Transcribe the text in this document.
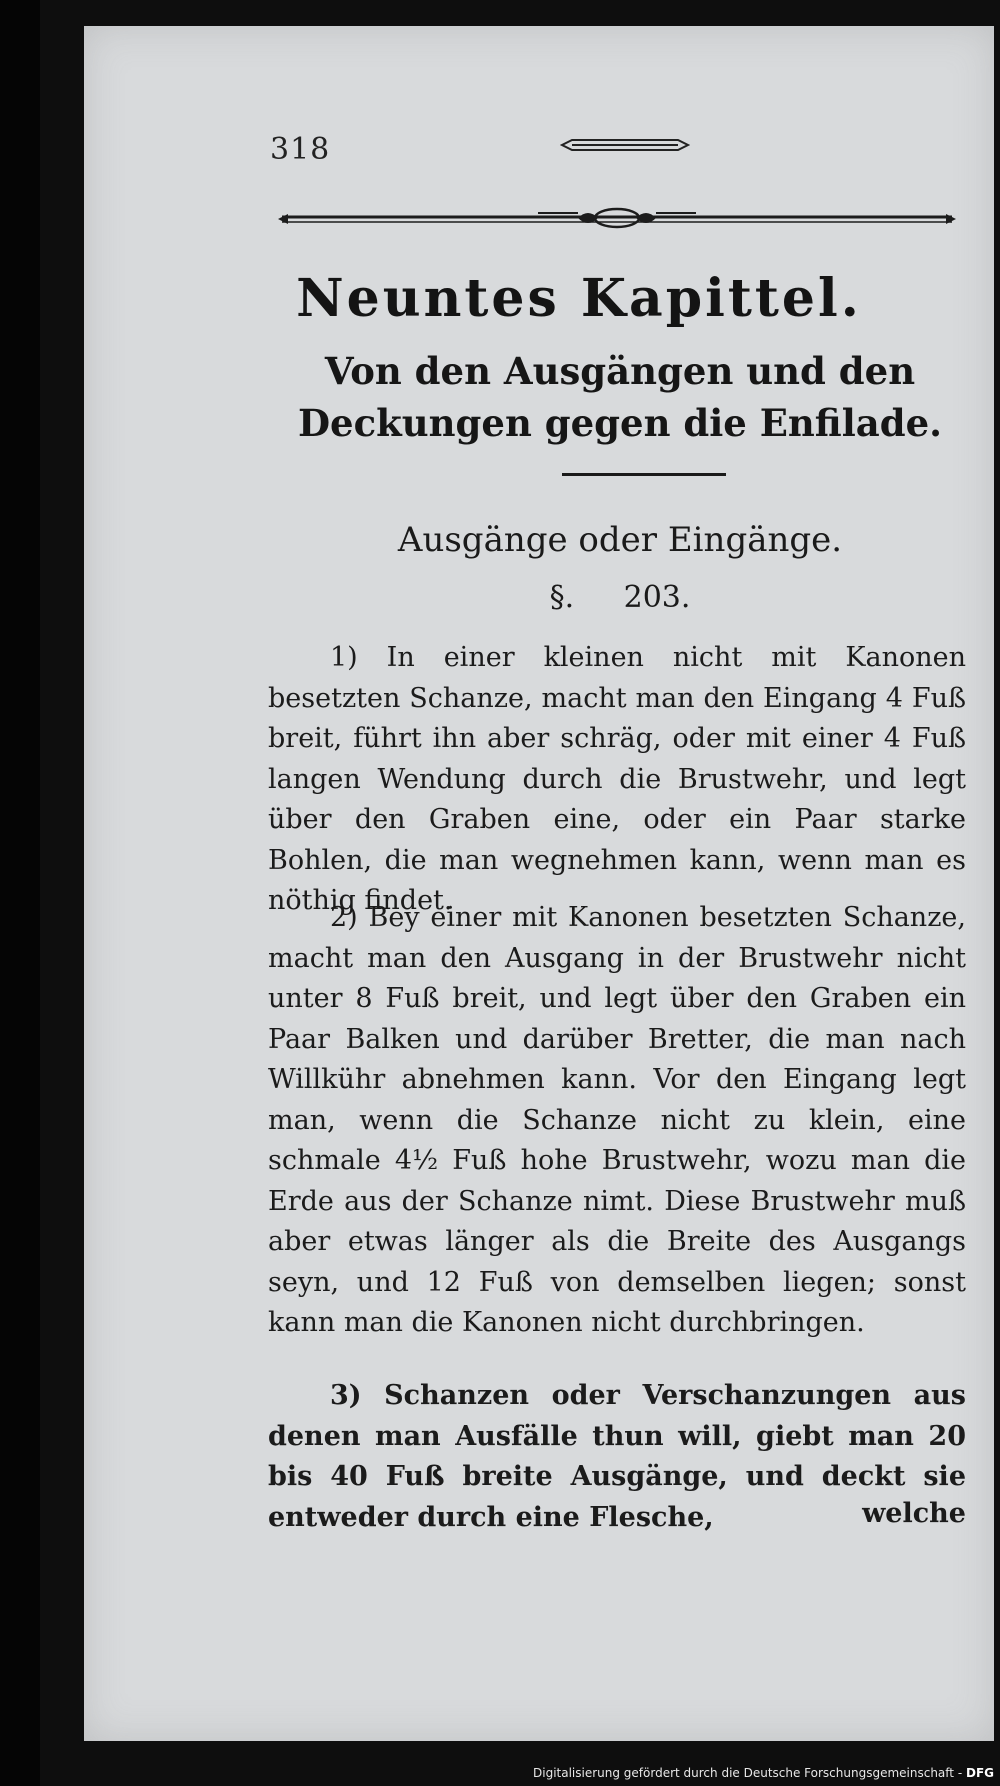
318
Neuntes Kapittel.
Von den Ausgängen und den Deckungen gegen die Enfilade.
Ausgänge oder Eingänge.
§. 203.
1) In einer kleinen nicht mit Kanonen besetzten Schanze, macht man den Eingang 4 Fuß breit, führt ihn aber schräg, oder mit einer 4 Fuß langen Wendung durch die Brustwehr, und legt über den Graben eine, oder ein Paar starke Bohlen, die man wegnehmen kann, wenn man es nöthig findet.
2) Bey einer mit Kanonen besetzten Schanze, macht man den Ausgang in der Brustwehr nicht unter 8 Fuß breit, und legt über den Graben ein Paar Balken und darüber Bretter, die man nach Willkühr abnehmen kann. Vor den Eingang legt man, wenn die Schanze nicht zu klein, eine schmale 4½ Fuß hohe Brustwehr, wozu man die Erde aus der Schanze nimt. Diese Brustwehr muß aber etwas länger als die Breite des Ausgangs seyn, und 12 Fuß von demselben liegen; sonst kann man die Kanonen nicht durchbringen.
3) Schanzen oder Verschanzungen aus denen man Ausfälle thun will, giebt man 20 bis 40 Fuß breite Ausgänge, und deckt sie entweder durch eine Flesche,	welche
Digitalisierung gefördert durch die Deutsche Forschungsgemeinschaft - DFG
